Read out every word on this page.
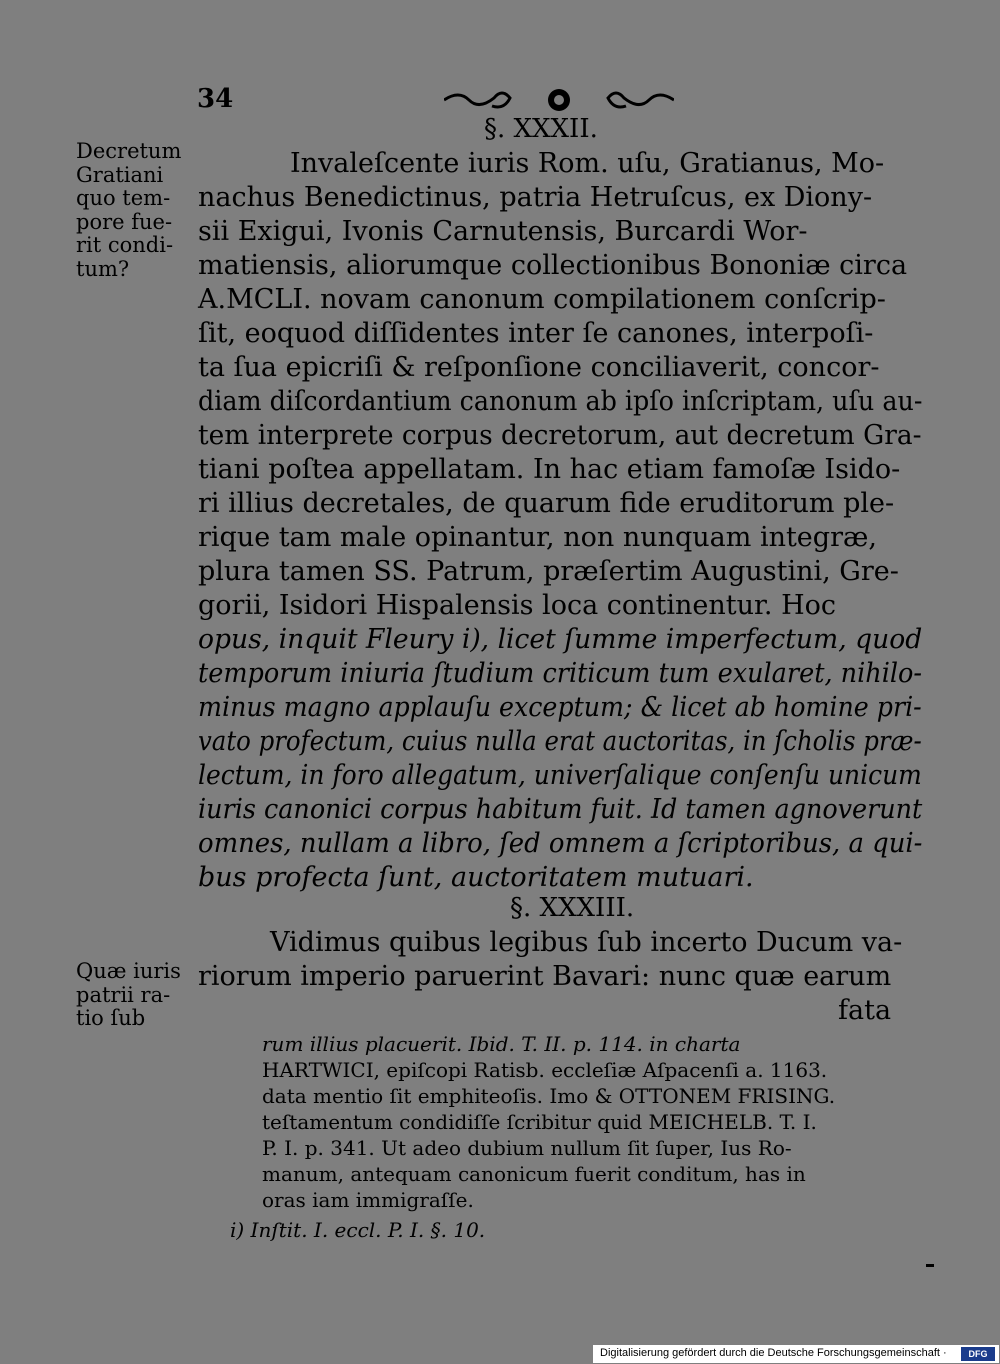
34
§. XXXII.
Decretum
Gratiani
quo tem-
pore fue-
rit condi-
tum?
Invaleſcente iuris Rom. uſu, Gratianus, Mo-
nachus Benedictinus, patria Hetruſcus, ex Diony-
sii Exigui, Ivonis Carnutensis, Burcardi Wor-
matiensis, aliorumque collectionibus Bononiæ circa
A.MCLI. novam canonum compilationem conſcrip-
ſit, eoquod diſſidentes inter ſe canones, interpoſi-
ta ſua epicriſi & reſponſione conciliaverit, concor-
diam diſcordantium canonum ab ipſo inſcriptam, uſu au-
tem interprete corpus decretorum, aut decretum Gra-
tiani poſtea appellatam. In hac etiam famoſæ Isido-
ri illius decretales, de quarum fide eruditorum ple-
rique tam male opinantur, non nunquam integræ,
plura tamen SS. Patrum, præſertim Augustini, Gre-
gorii, Isidori Hispalensis loca continentur. Hoc
opus, inquit Fleury i), licet ſumme imperfectum, quod
temporum iniuria ſtudium criticum tum exularet, nihilo-
minus magno applauſu exceptum; & licet ab homine pri-
vato profectum, cuius nulla erat auctoritas, in ſcholis præ-
lectum, in foro allegatum, univerſalique conſenſu unicum
iuris canonici corpus habitum fuit. Id tamen agnoverunt
omnes, nullam a libro, ſed omnem a ſcriptoribus, a qui-
bus profecta ſunt, auctoritatem mutuari.
§. XXXIII.
Quæ iuris
patrii ra-
tio ſub
Vidimus quibus legibus ſub incerto Ducum va-
riorum imperio paruerint Bavari: nunc quæ earum
fata
rum illius placuerit. Ibid. T. II. p. 114. in charta
HARTWICI, epiſcopi Ratisb. eccleſiæ Aſpacenſi a. 1163.
data mentio ſit emphiteoſis. Imo & OTTONEM FRISING.
teſtamentum condidiſſe ſcribitur quid MEICHELB. T. I.
P. I. p. 341. Ut adeo dubium nullum ſit ſuper, Ius Ro-
manum, antequam canonicum fuerit conditum, has in
oras iam immigraſſe.
i) Inſtit. I. eccl. P. I. §. 10.
Digitalisierung gefördert durch die Deutsche Forschungsgemeinschaft ·	DFG
